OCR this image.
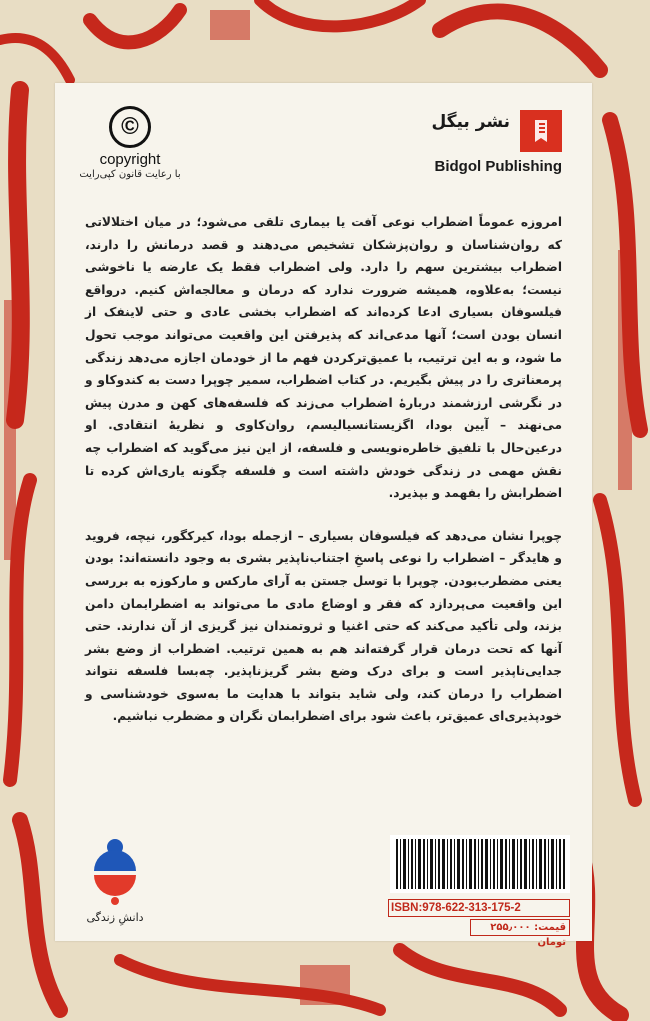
نشر بیگل
Bidgol Publishing
©
copyright
با رعایت قانون کپی‌رایت

امروزه عموماً اضطراب نوعی آفت یا بیماری تلقی می‌شود؛ در میان اختلالاتی که روان‌شناسان و روان‌پزشکان تشخیص می‌دهند و قصد درمانش را دارند، اضطراب بیشترین سهم را دارد. ولی اضطراب فقط یک عارضه یا ناخوشی نیست؛ به‌علاوه، همیشه ضرورت ندارد که درمان و معالجه‌اش کنیم. درواقع فیلسوفان بسیاری ادعا کرده‌اند که اضطراب بخشی عادی و حتی لاینفک از انسان بودن است؛ آنها مدعی‌اند که پذیرفتن این واقعیت می‌تواند موجب تحول ما شود، و به این ترتیب، با عمیق‌ترکردن فهم ما از خودمان اجازه می‌دهد زندگی پرمعناتری را در پیش بگیریم. در کتاب اضطراب، سمیر چوپرا دست به کندوکاو و در نگرشی ارزشمند دربارهٔ اضطراب می‌زند که فلسفه‌های کهن و مدرن پیش می‌نهند – آیین بودا، اگزیستانسیالیسم، روان‌کاوی و نظریهٔ انتقادی. او درعین‌حال با تلفیق خاطره‌نویسی و فلسفه، از این نیز می‌گوید که اضطراب چه نقش مهمی در زندگی خودش داشته است و فلسفه چگونه یاری‌اش کرده تا اضطرابش را بفهمد و بپذیرد.

چوپرا نشان می‌دهد که فیلسوفان بسیاری – ازجمله بودا، کیرکگور، نیچه، فروید و هایدگر – اضطراب را نوعی پاسخِ اجتناب‌ناپذیر بشری به وجود دانسته‌اند: بودن یعنی مضطرب‌بودن. چوپرا با توسل جستن به آرای مارکس و مارکوزه به بررسی این واقعیت می‌پردازد که فقر و اوضاع مادی ما می‌تواند به اضطرابمان دامن بزند، ولی تأکید می‌کند که حتی اغنیا و ثروتمندان نیز گریزی از آن ندارند. حتی آنها که تحت درمان قرار گرفته‌اند هم به همین ترتیب. اضطراب از وضع بشر جدایی‌ناپذیر است و برای درک وضع بشر گریزناپذیر. چه‌بسا فلسفه نتواند اضطراب را درمان کند، ولی شاید بتواند با هدایت ما به‌سوی خودشناسی و خودپذیری‌ای عمیق‌تر، باعث شود برای اضطرابمان نگران و مضطرب نباشیم.

دانشِ زندگی
ISBN:978-622-313-175-2
قیمت: ۲۵۵٫۰۰۰ تومان
